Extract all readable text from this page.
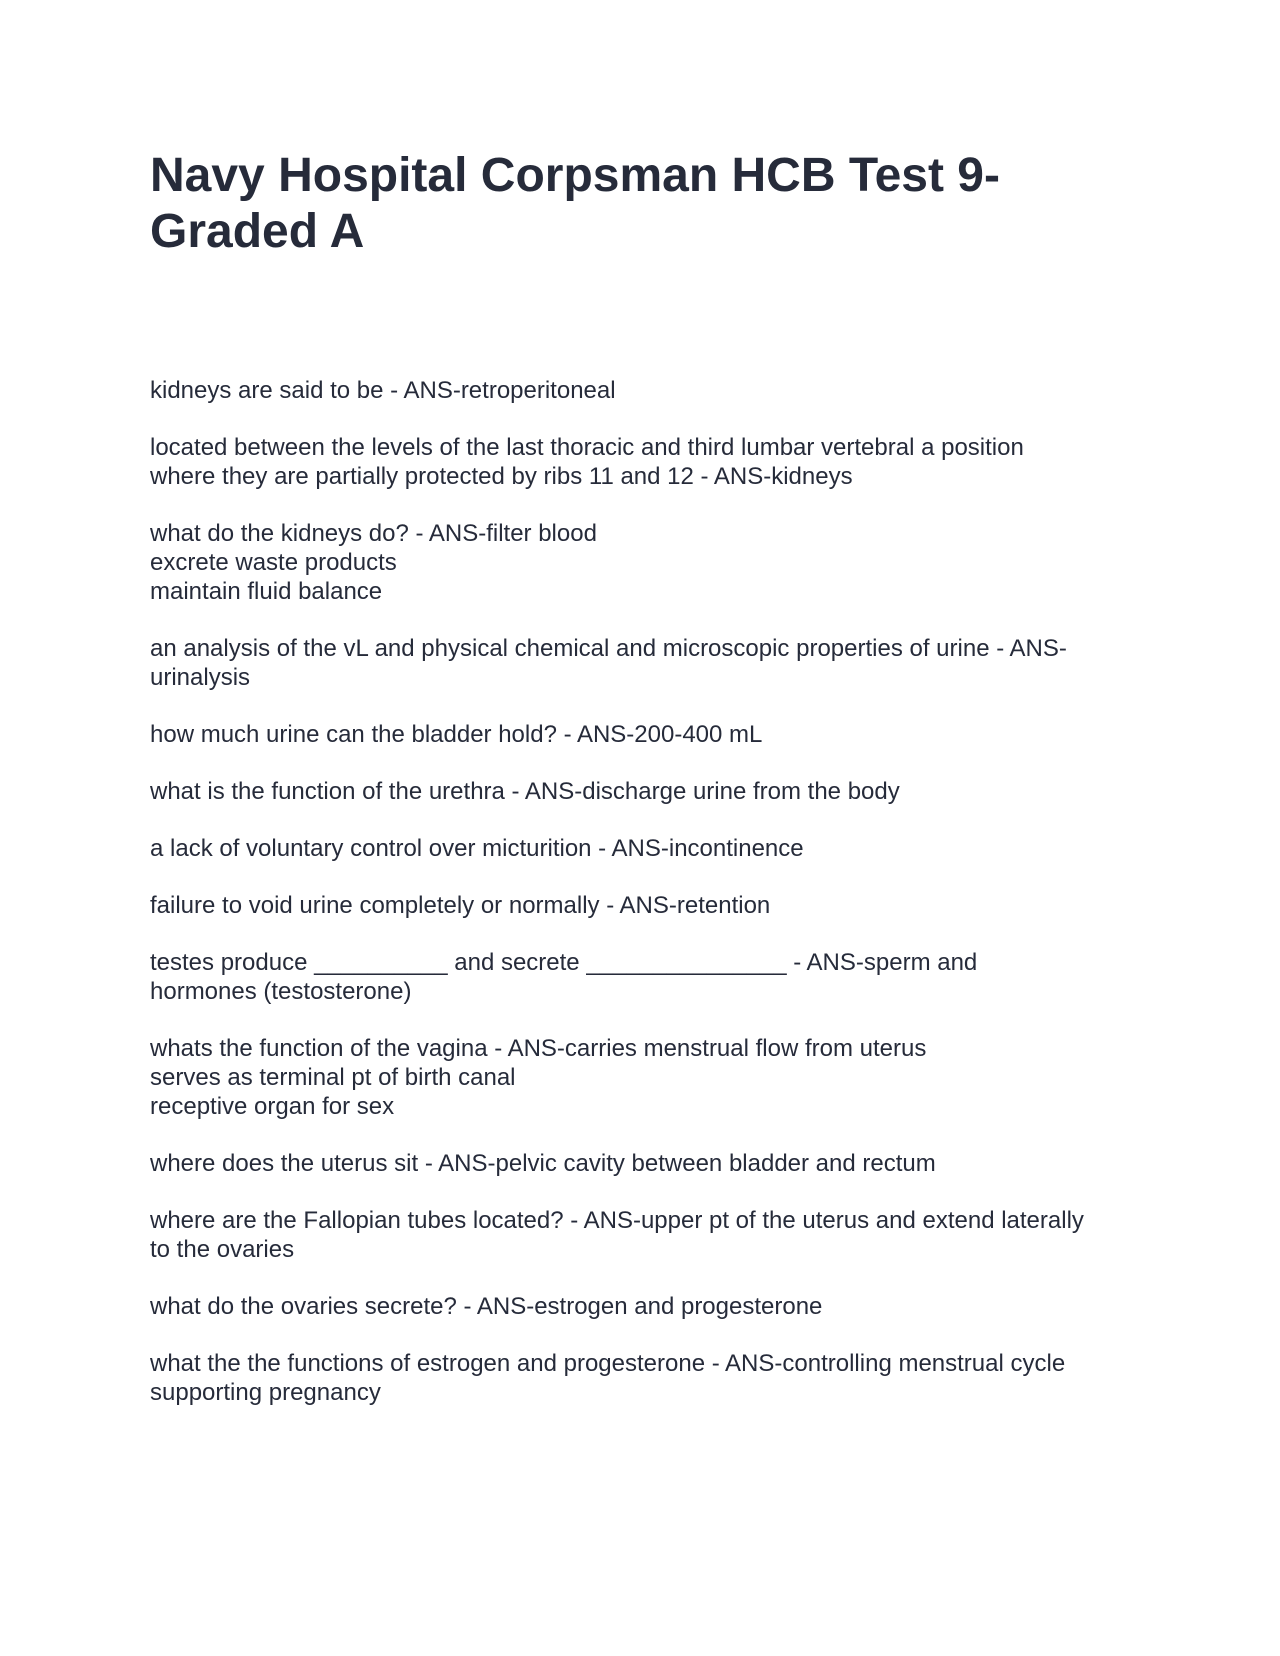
Navy Hospital Corpsman HCB Test 9-
Graded A
kidneys are said to be - ANS-retroperitoneal
located between the levels of the last thoracic and third lumbar vertebral a position
where they are partially protected by ribs 11 and 12 - ANS-kidneys
what do the kidneys do? - ANS-filter blood
excrete waste products
maintain fluid balance
an analysis of the vL and physical chemical and microscopic properties of urine - ANS-
urinalysis
how much urine can the bladder hold? - ANS-200-400 mL
what is the function of the urethra - ANS-discharge urine from the body
a lack of voluntary control over micturition - ANS-incontinence
failure to void urine completely or normally - ANS-retention
testes produce __________ and secrete _______________ - ANS-sperm and
hormones (testosterone)
whats the function of the vagina - ANS-carries menstrual flow from uterus
serves as terminal pt of birth canal
receptive organ for sex
where does the uterus sit - ANS-pelvic cavity between bladder and rectum
where are the Fallopian tubes located? - ANS-upper pt of the uterus and extend laterally
to the ovaries
what do the ovaries secrete? - ANS-estrogen and progesterone
what the the functions of estrogen and progesterone - ANS-controlling menstrual cycle
supporting pregnancy
